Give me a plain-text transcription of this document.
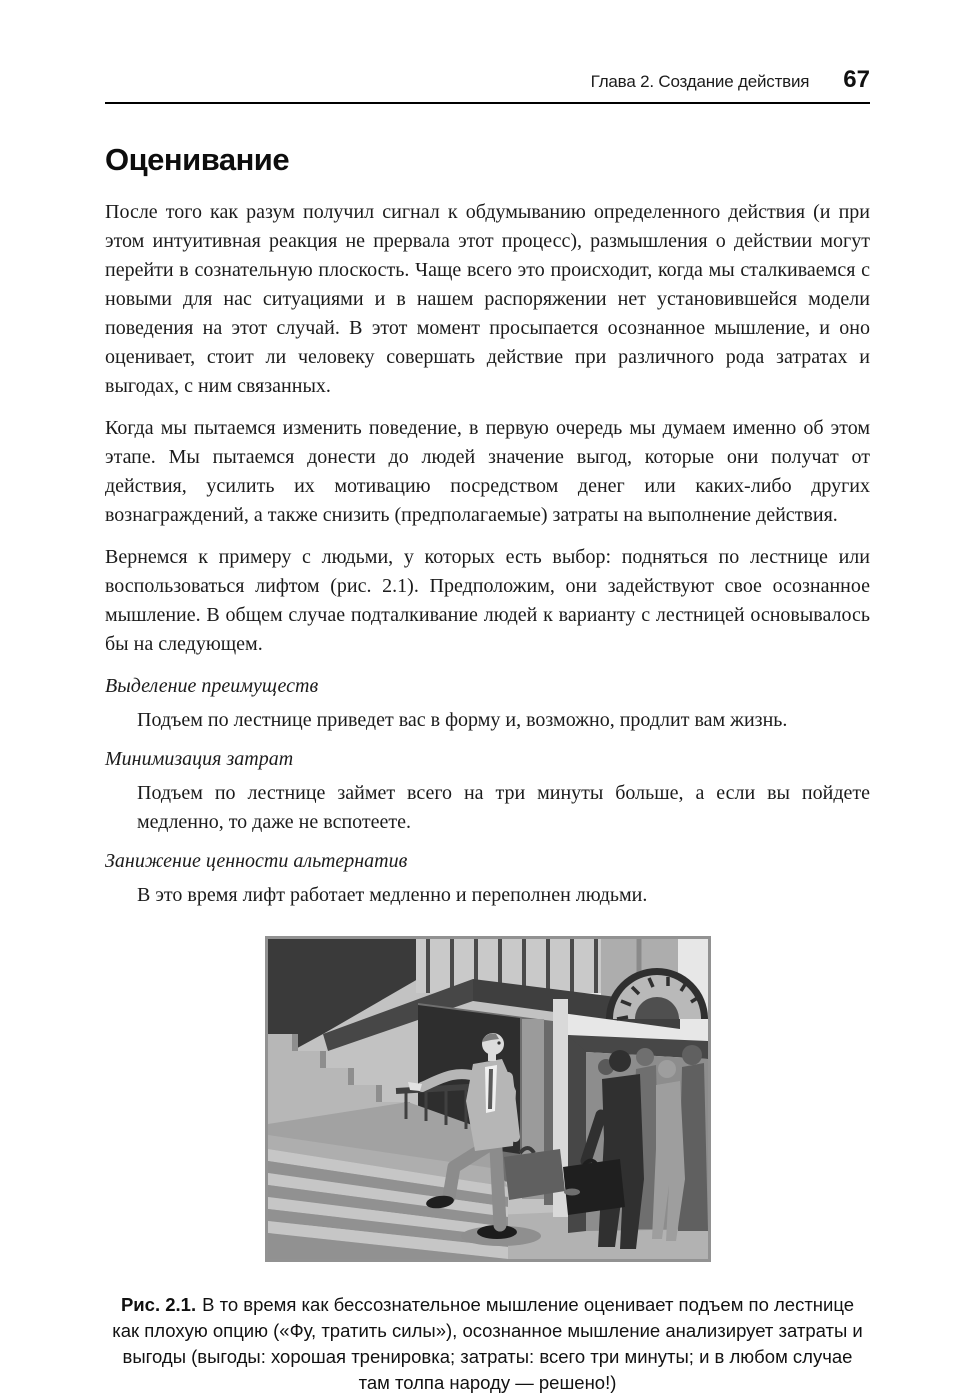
Глава 2. Создание действия 67
Оценивание

После того как разум получил сигнал к обдумыванию определенного действия (и при этом интуитивная реакция не прервала этот процесс), размышления о действии могут перейти в сознательную плоскость. Чаще всего это происходит, когда мы сталкиваемся с новыми для нас ситуациями и в нашем распоряжении нет установившейся модели поведения на этот случай. В этот момент просыпается осознанное мышление, и оно оценивает, стоит ли человеку совершать действие при различного рода затратах и выгодах, с ним связанных.

Когда мы пытаемся изменить поведение, в первую очередь мы думаем именно об этом этапе. Мы пытаемся донести до людей значение выгод, которые они получат от действия, усилить их мотивацию посредством денег или каких-либо других вознаграждений, а также снизить (предполагаемые) затраты на выполнение действия.

Вернемся к примеру с людьми, у которых есть выбор: подняться по лестнице или воспользоваться лифтом (рис. 2.1). Предположим, они задействуют свое осознанное мышление. В общем случае подталкивание людей к варианту с лестницей основывалось бы на следующем.

Выделение преимуществ
Подъем по лестнице приведет вас в форму и, возможно, продлит вам жизнь.
Минимизация затрат
Подъем по лестнице займет всего на три минуты больше, а если вы пойдете медленно, то даже не вспотеете.
Занижение ценности альтернатив
В это время лифт работает медленно и переполнен людьми.

Рис. 2.1. В то время как бессознательное мышление оценивает подъем по лестнице как плохую опцию («Фу, тратить силы»), осознанное мышление анализирует затраты и выгоды (выгоды: хорошая тренировка; затраты: всего три минуты; и в любом случае там толпа народу — решено!)
